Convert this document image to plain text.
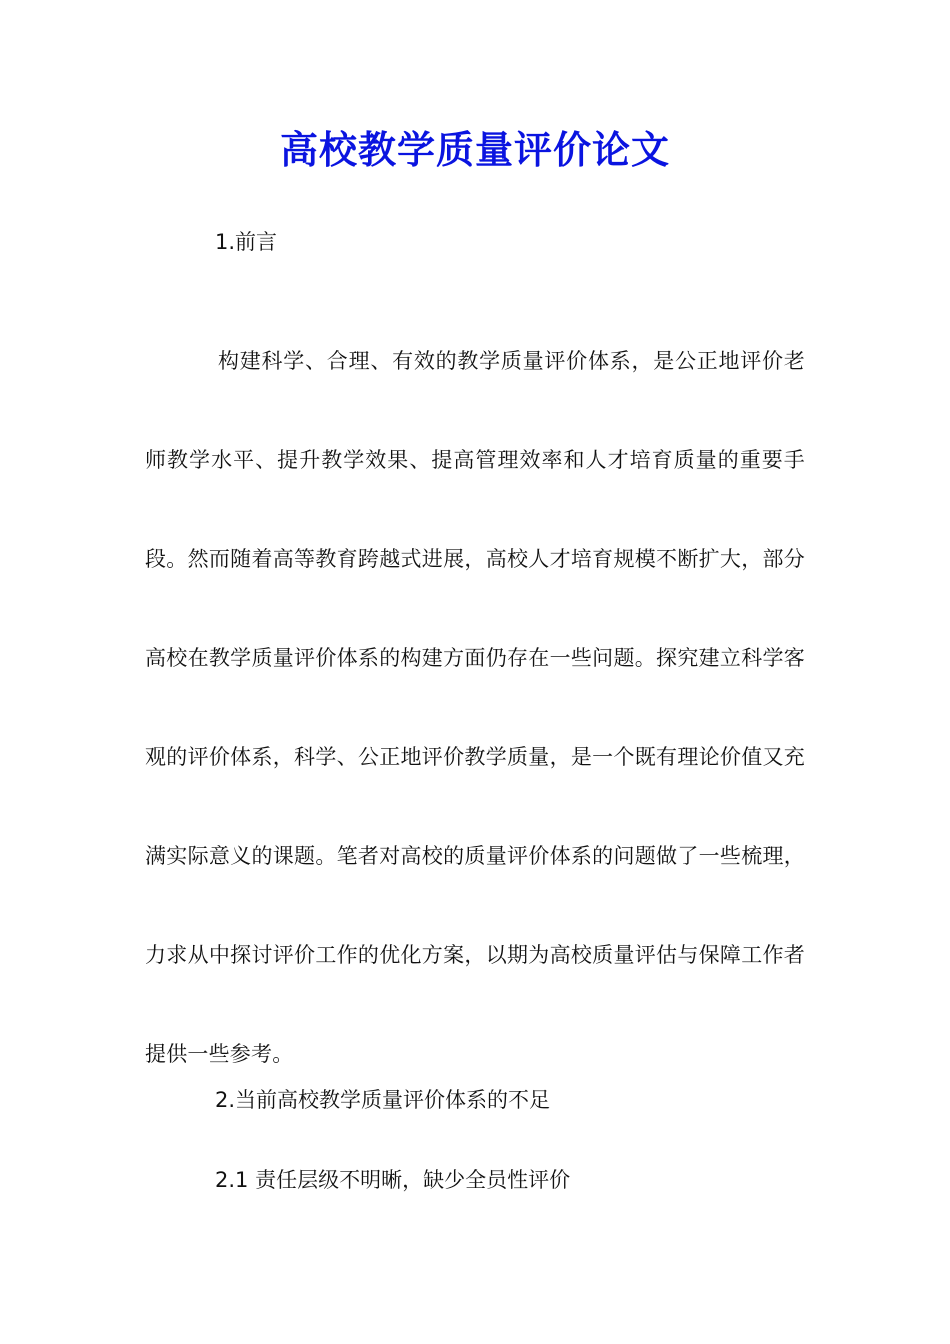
高校教学质量评价论文
1.前言
构建科学、合理、有效的教学质量评价体系，是公正地评价老师教学水平、提升教学效果、提高管理效率和人才培育质量的重要手段。然而随着高等教育跨越式进展，高校人才培育规模不断扩大，部分高校在教学质量评价体系的构建方面仍存在一些问题。探究建立科学客观的评价体系，科学、公正地评价教学质量，是一个既有理论价值又充满实际意义的课题。笔者对高校的质量评价体系的问题做了一些梳理，力求从中探讨评价工作的优化方案，以期为高校质量评估与保障工作者提供一些参考。
2.当前高校教学质量评价体系的不足
2.1 责任层级不明晰，缺少全员性评价
